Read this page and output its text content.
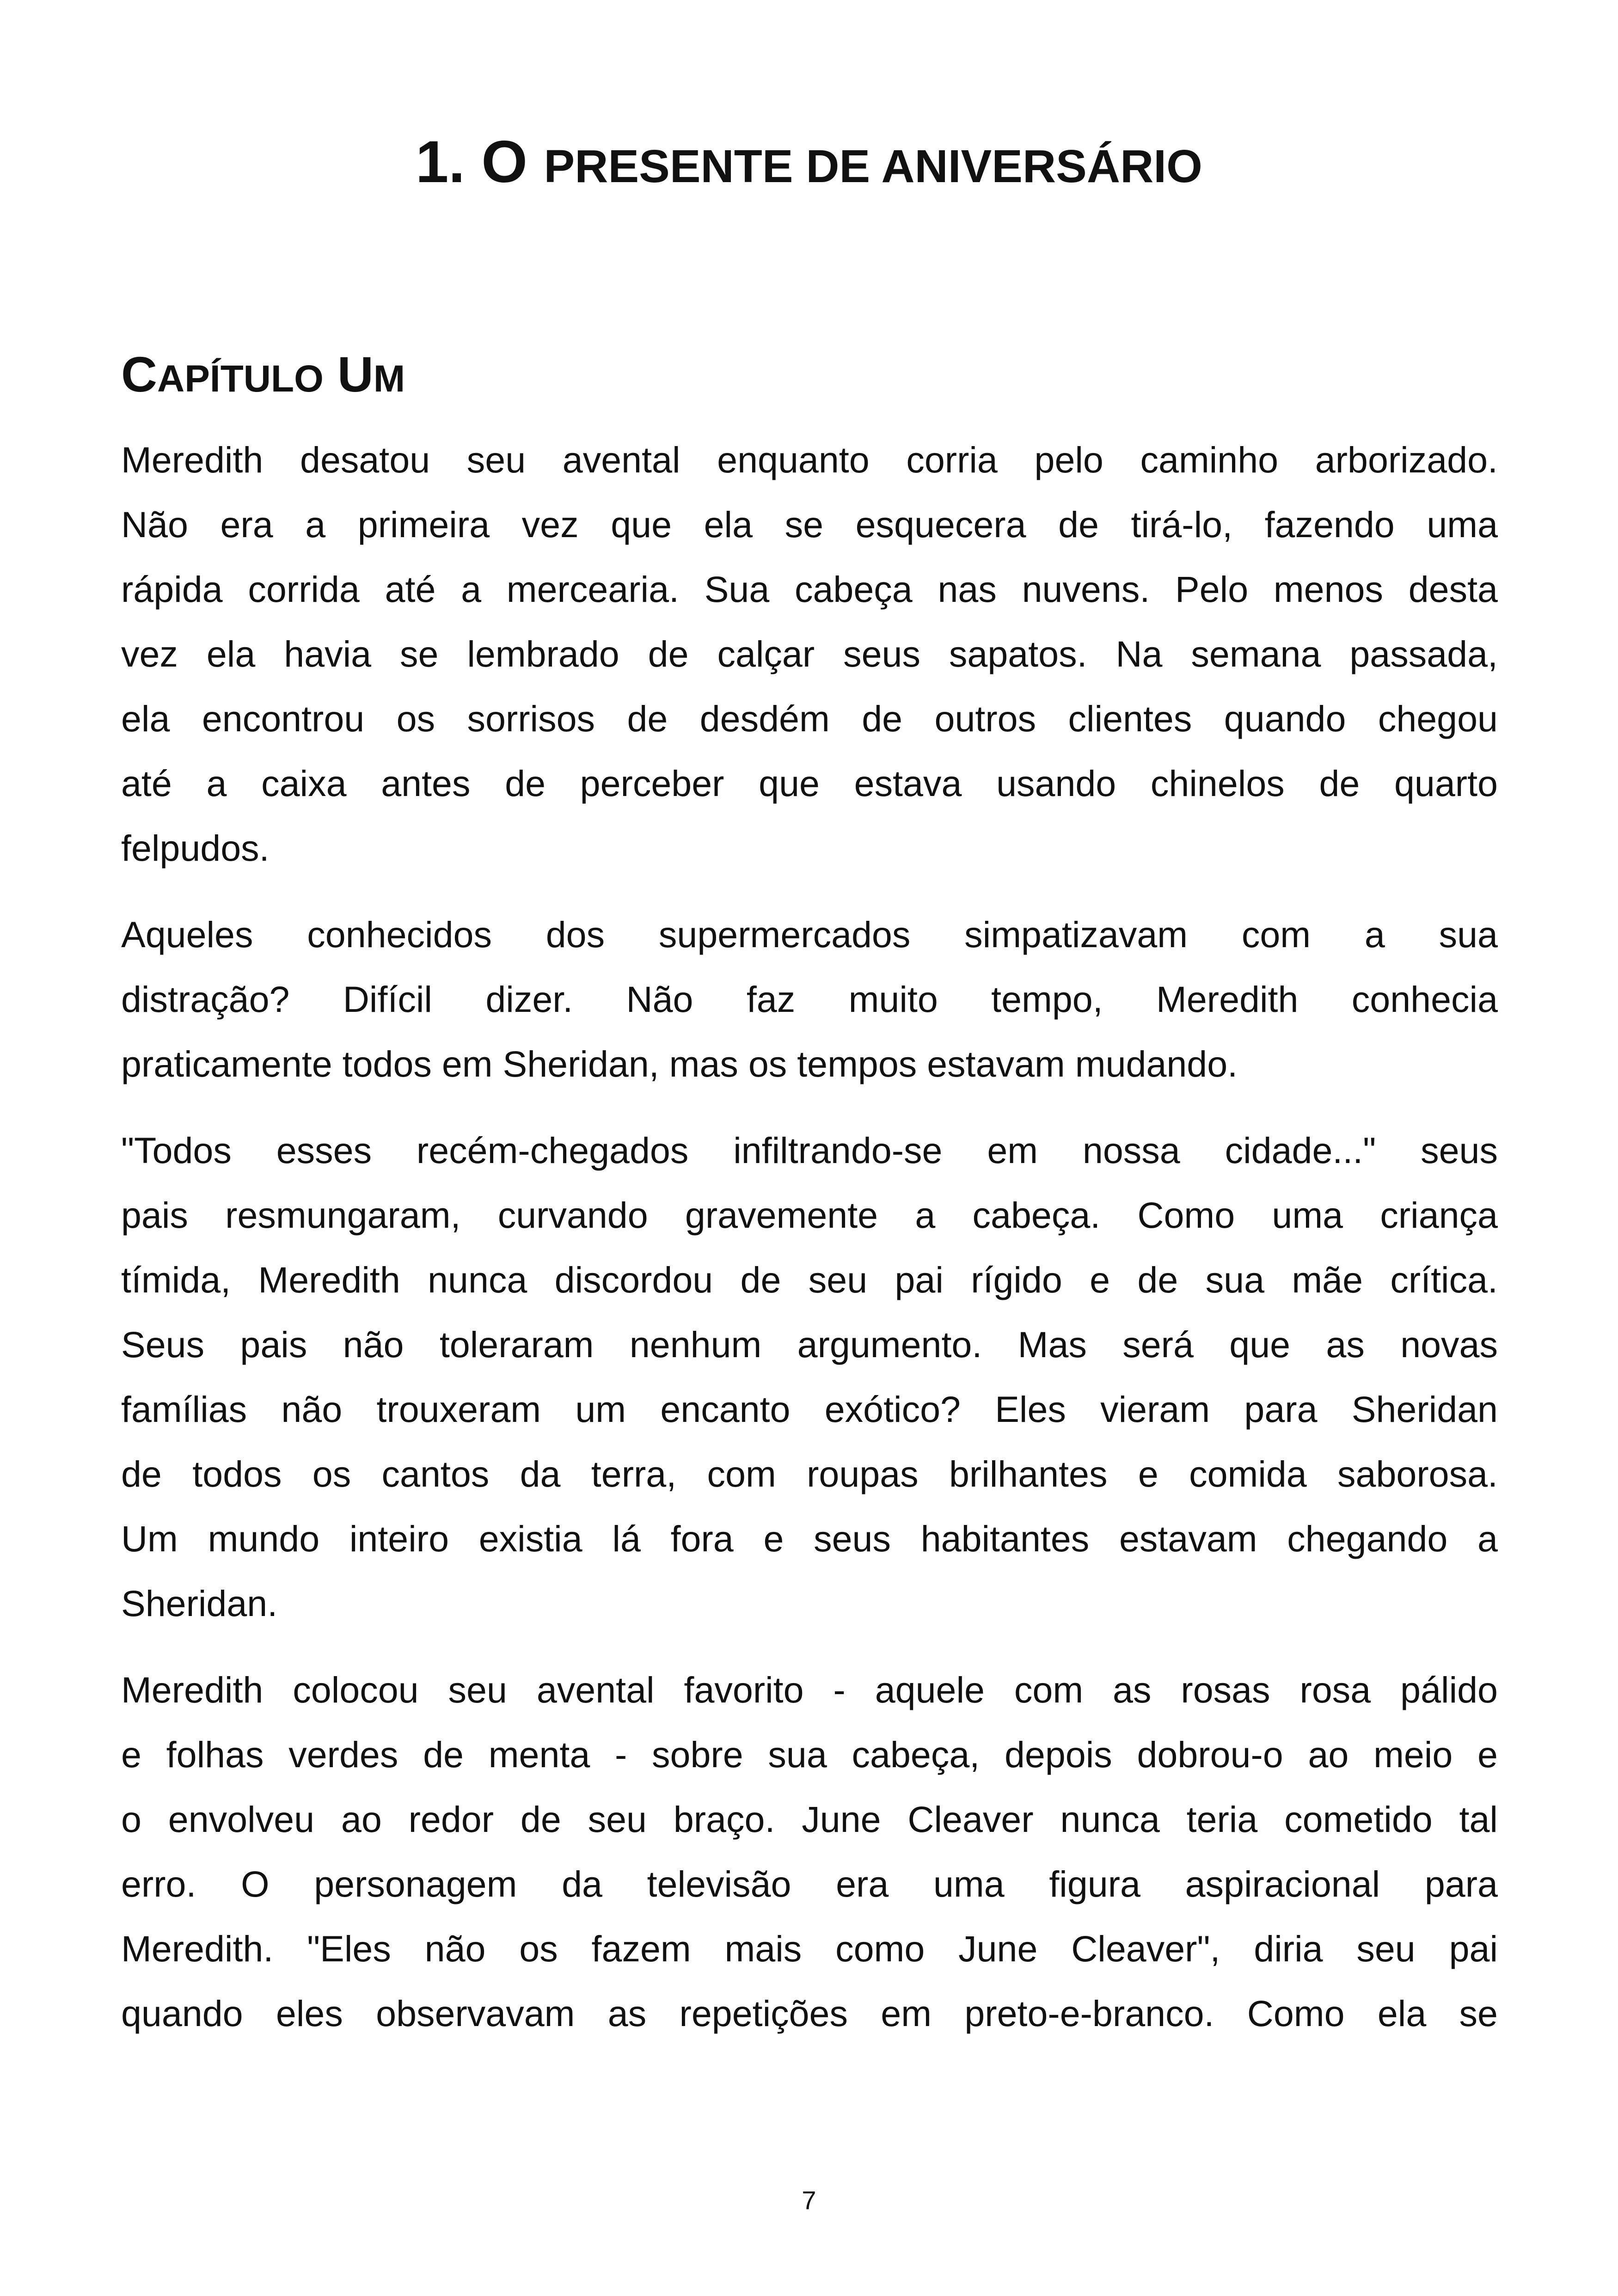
1. O PRESENTE DE ANIVERSÁRIO
CAPÍTULO UM

Meredith desatou seu avental enquanto corria pelo caminho arborizado.
Não era a primeira vez que ela se esquecera de tirá-lo, fazendo uma
rápida corrida até a mercearia. Sua cabeça nas nuvens. Pelo menos desta
vez ela havia se lembrado de calçar seus sapatos. Na semana passada,
ela encontrou os sorrisos de desdém de outros clientes quando chegou
até a caixa antes de perceber que estava usando chinelos de quarto
felpudos.

Aqueles conhecidos dos supermercados simpatizavam com a sua
distração? Difícil dizer. Não faz muito tempo, Meredith conhecia
praticamente todos em Sheridan, mas os tempos estavam mudando.

"Todos esses recém-chegados infiltrando-se em nossa cidade..." seus
pais resmungaram, curvando gravemente a cabeça. Como uma criança
tímida, Meredith nunca discordou de seu pai rígido e de sua mãe crítica.
Seus pais não toleraram nenhum argumento. Mas será que as novas
famílias não trouxeram um encanto exótico? Eles vieram para Sheridan
de todos os cantos da terra, com roupas brilhantes e comida saborosa.
Um mundo inteiro existia lá fora e seus habitantes estavam chegando a
Sheridan.

Meredith colocou seu avental favorito - aquele com as rosas rosa pálido
e folhas verdes de menta - sobre sua cabeça, depois dobrou-o ao meio e
o envolveu ao redor de seu braço. June Cleaver nunca teria cometido tal
erro. O personagem da televisão era uma figura aspiracional para
Meredith. "Eles não os fazem mais como June Cleaver", diria seu pai
quando eles observavam as repetições em preto-e-branco. Como ela se

7
